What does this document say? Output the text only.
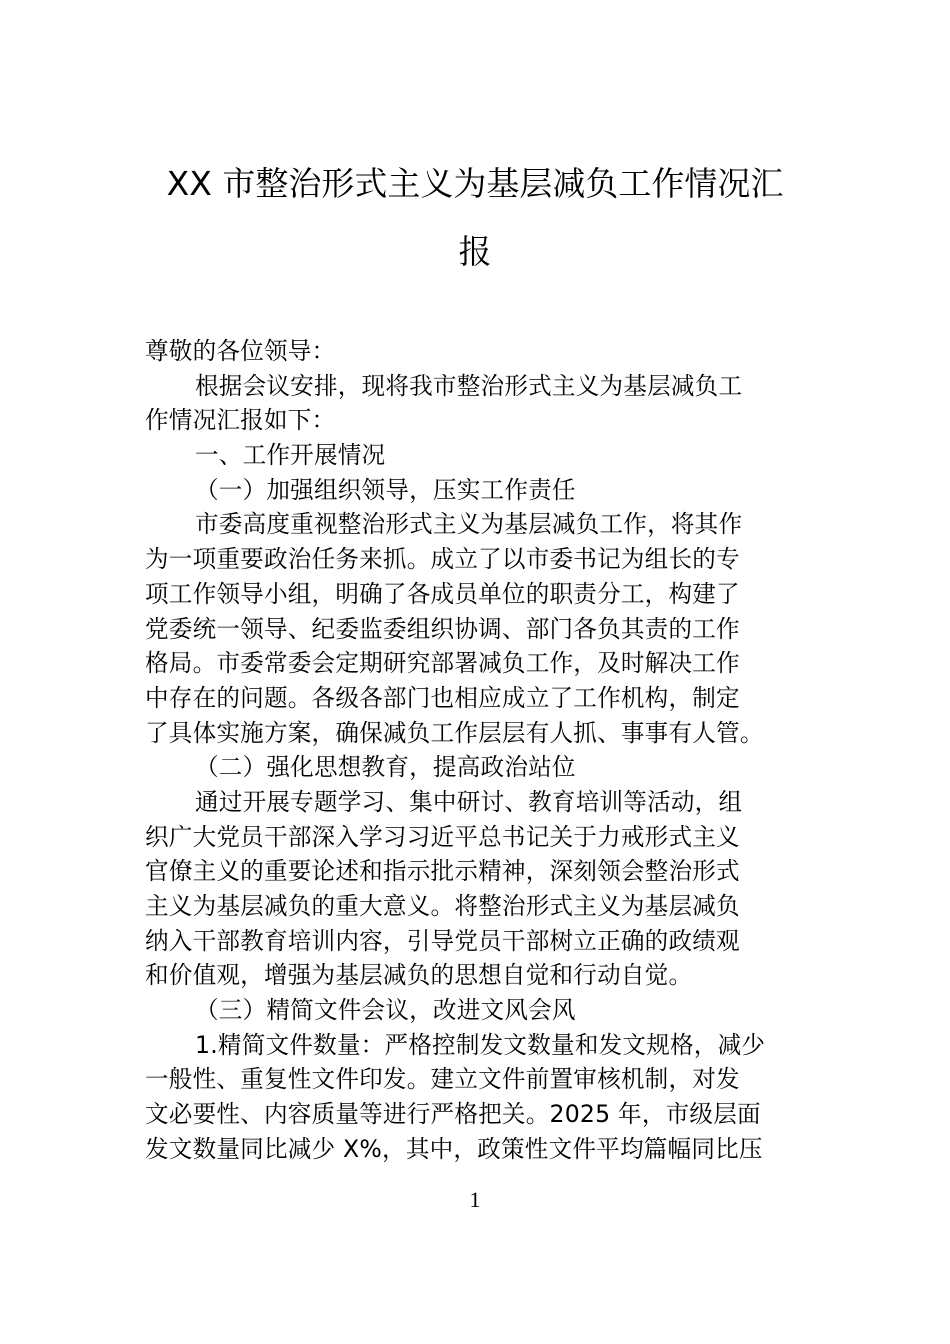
XX 市整治形式主义为基层减负工作情况汇
报
尊敬的各位领导：
根据会议安排，现将我市整治形式主义为基层减负工
作情况汇报如下：
一、工作开展情况
（一）加强组织领导，压实工作责任
市委高度重视整治形式主义为基层减负工作，将其作
为一项重要政治任务来抓。成立了以市委书记为组长的专
项工作领导小组，明确了各成员单位的职责分工，构建了
党委统一领导、纪委监委组织协调、部门各负其责的工作
格局。市委常委会定期研究部署减负工作，及时解决工作
中存在的问题。各级各部门也相应成立了工作机构，制定
了具体实施方案，确保减负工作层层有人抓、事事有人管。
（二）强化思想教育，提高政治站位
通过开展专题学习、集中研讨、教育培训等活动，组
织广大党员干部深入学习习近平总书记关于力戒形式主义
官僚主义的重要论述和指示批示精神，深刻领会整治形式
主义为基层减负的重大意义。将整治形式主义为基层减负
纳入干部教育培训内容，引导党员干部树立正确的政绩观
和价值观，增强为基层减负的思想自觉和行动自觉。
（三）精简文件会议，改进文风会风
1.精简文件数量：严格控制发文数量和发文规格，减少
一般性、重复性文件印发。建立文件前置审核机制，对发
文必要性、内容质量等进行严格把关。2025 年，市级层面
发文数量同比减少 X%，其中，政策性文件平均篇幅同比压
1
